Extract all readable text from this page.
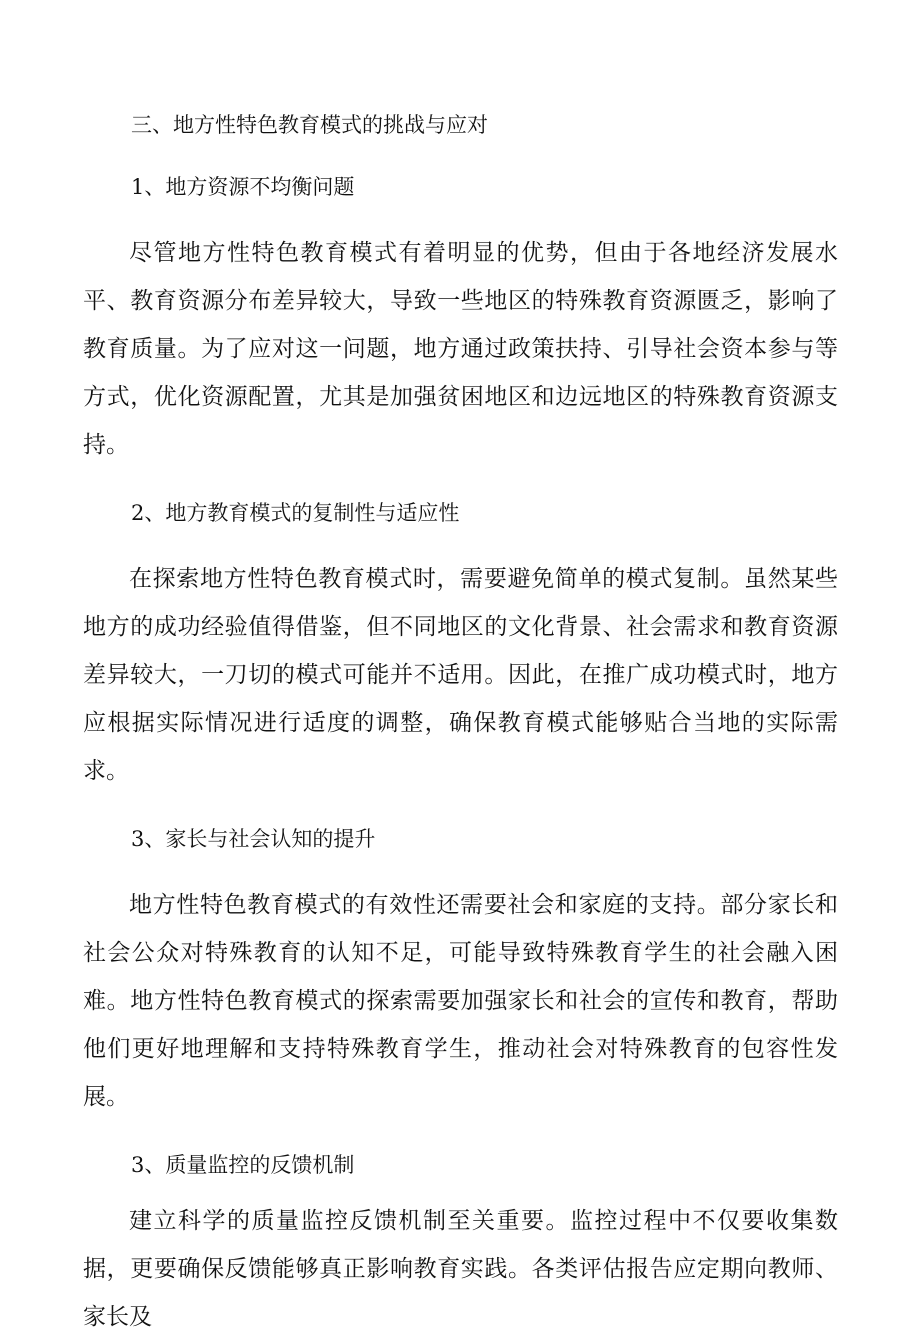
三、地方性特色教育模式的挑战与应对
1、地方资源不均衡问题

尽管地方性特色教育模式有着明显的优势，但由于各地经济发展水平、教育资源分布差异较大，导致一些地区的特殊教育资源匮乏，影响了教育质量。为了应对这一问题，地方通过政策扶持、引导社会资本参与等方式，优化资源配置，尤其是加强贫困地区和边远地区的特殊教育资源支持。

2、地方教育模式的复制性与适应性

在探索地方性特色教育模式时，需要避免简单的模式复制。虽然某些地方的成功经验值得借鉴，但不同地区的文化背景、社会需求和教育资源差异较大，一刀切的模式可能并不适用。因此，在推广成功模式时，地方应根据实际情况进行适度的调整，确保教育模式能够贴合当地的实际需求。

3、家长与社会认知的提升

地方性特色教育模式的有效性还需要社会和家庭的支持。部分家长和社会公众对特殊教育的认知不足，可能导致特殊教育学生的社会融入困难。地方性特色教育模式的探索需要加强家长和社会的宣传和教育，帮助他们更好地理解和支持特殊教育学生，推动社会对特殊教育的包容性发展。

3、质量监控的反馈机制

建立科学的质量监控反馈机制至关重要。监控过程中不仅要收集数据，更要确保反馈能够真正影响教育实践。各类评估报告应定期向教师、家长及
